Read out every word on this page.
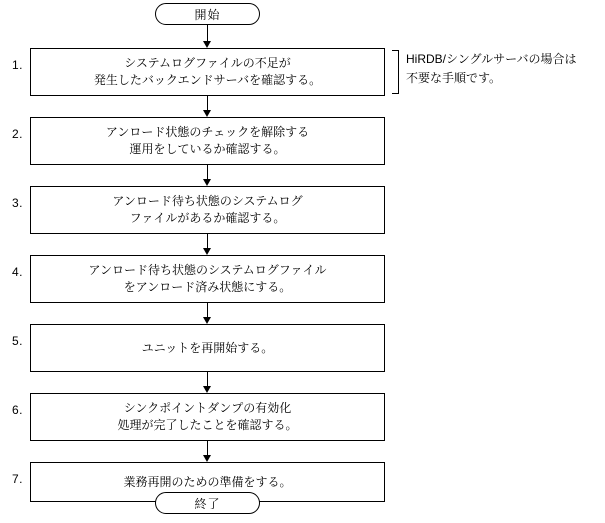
開始
1.	システムログファイルの不足が
発生したバックエンドサーバを確認する。
HiRDB/シングルサーバの場合は
不要な手順です。
2.	アンロード状態のチェックを解除する
運用をしているか確認する。
3.	アンロード待ち状態のシステムログ
ファイルがあるか確認する。
4.	アンロード待ち状態のシステムログファイル
をアンロード済み状態にする。
5.	ユニットを再開始する。
6.	シンクポイントダンプの有効化
処理が完了したことを確認する。
7.	業務再開のための準備をする。
終了
